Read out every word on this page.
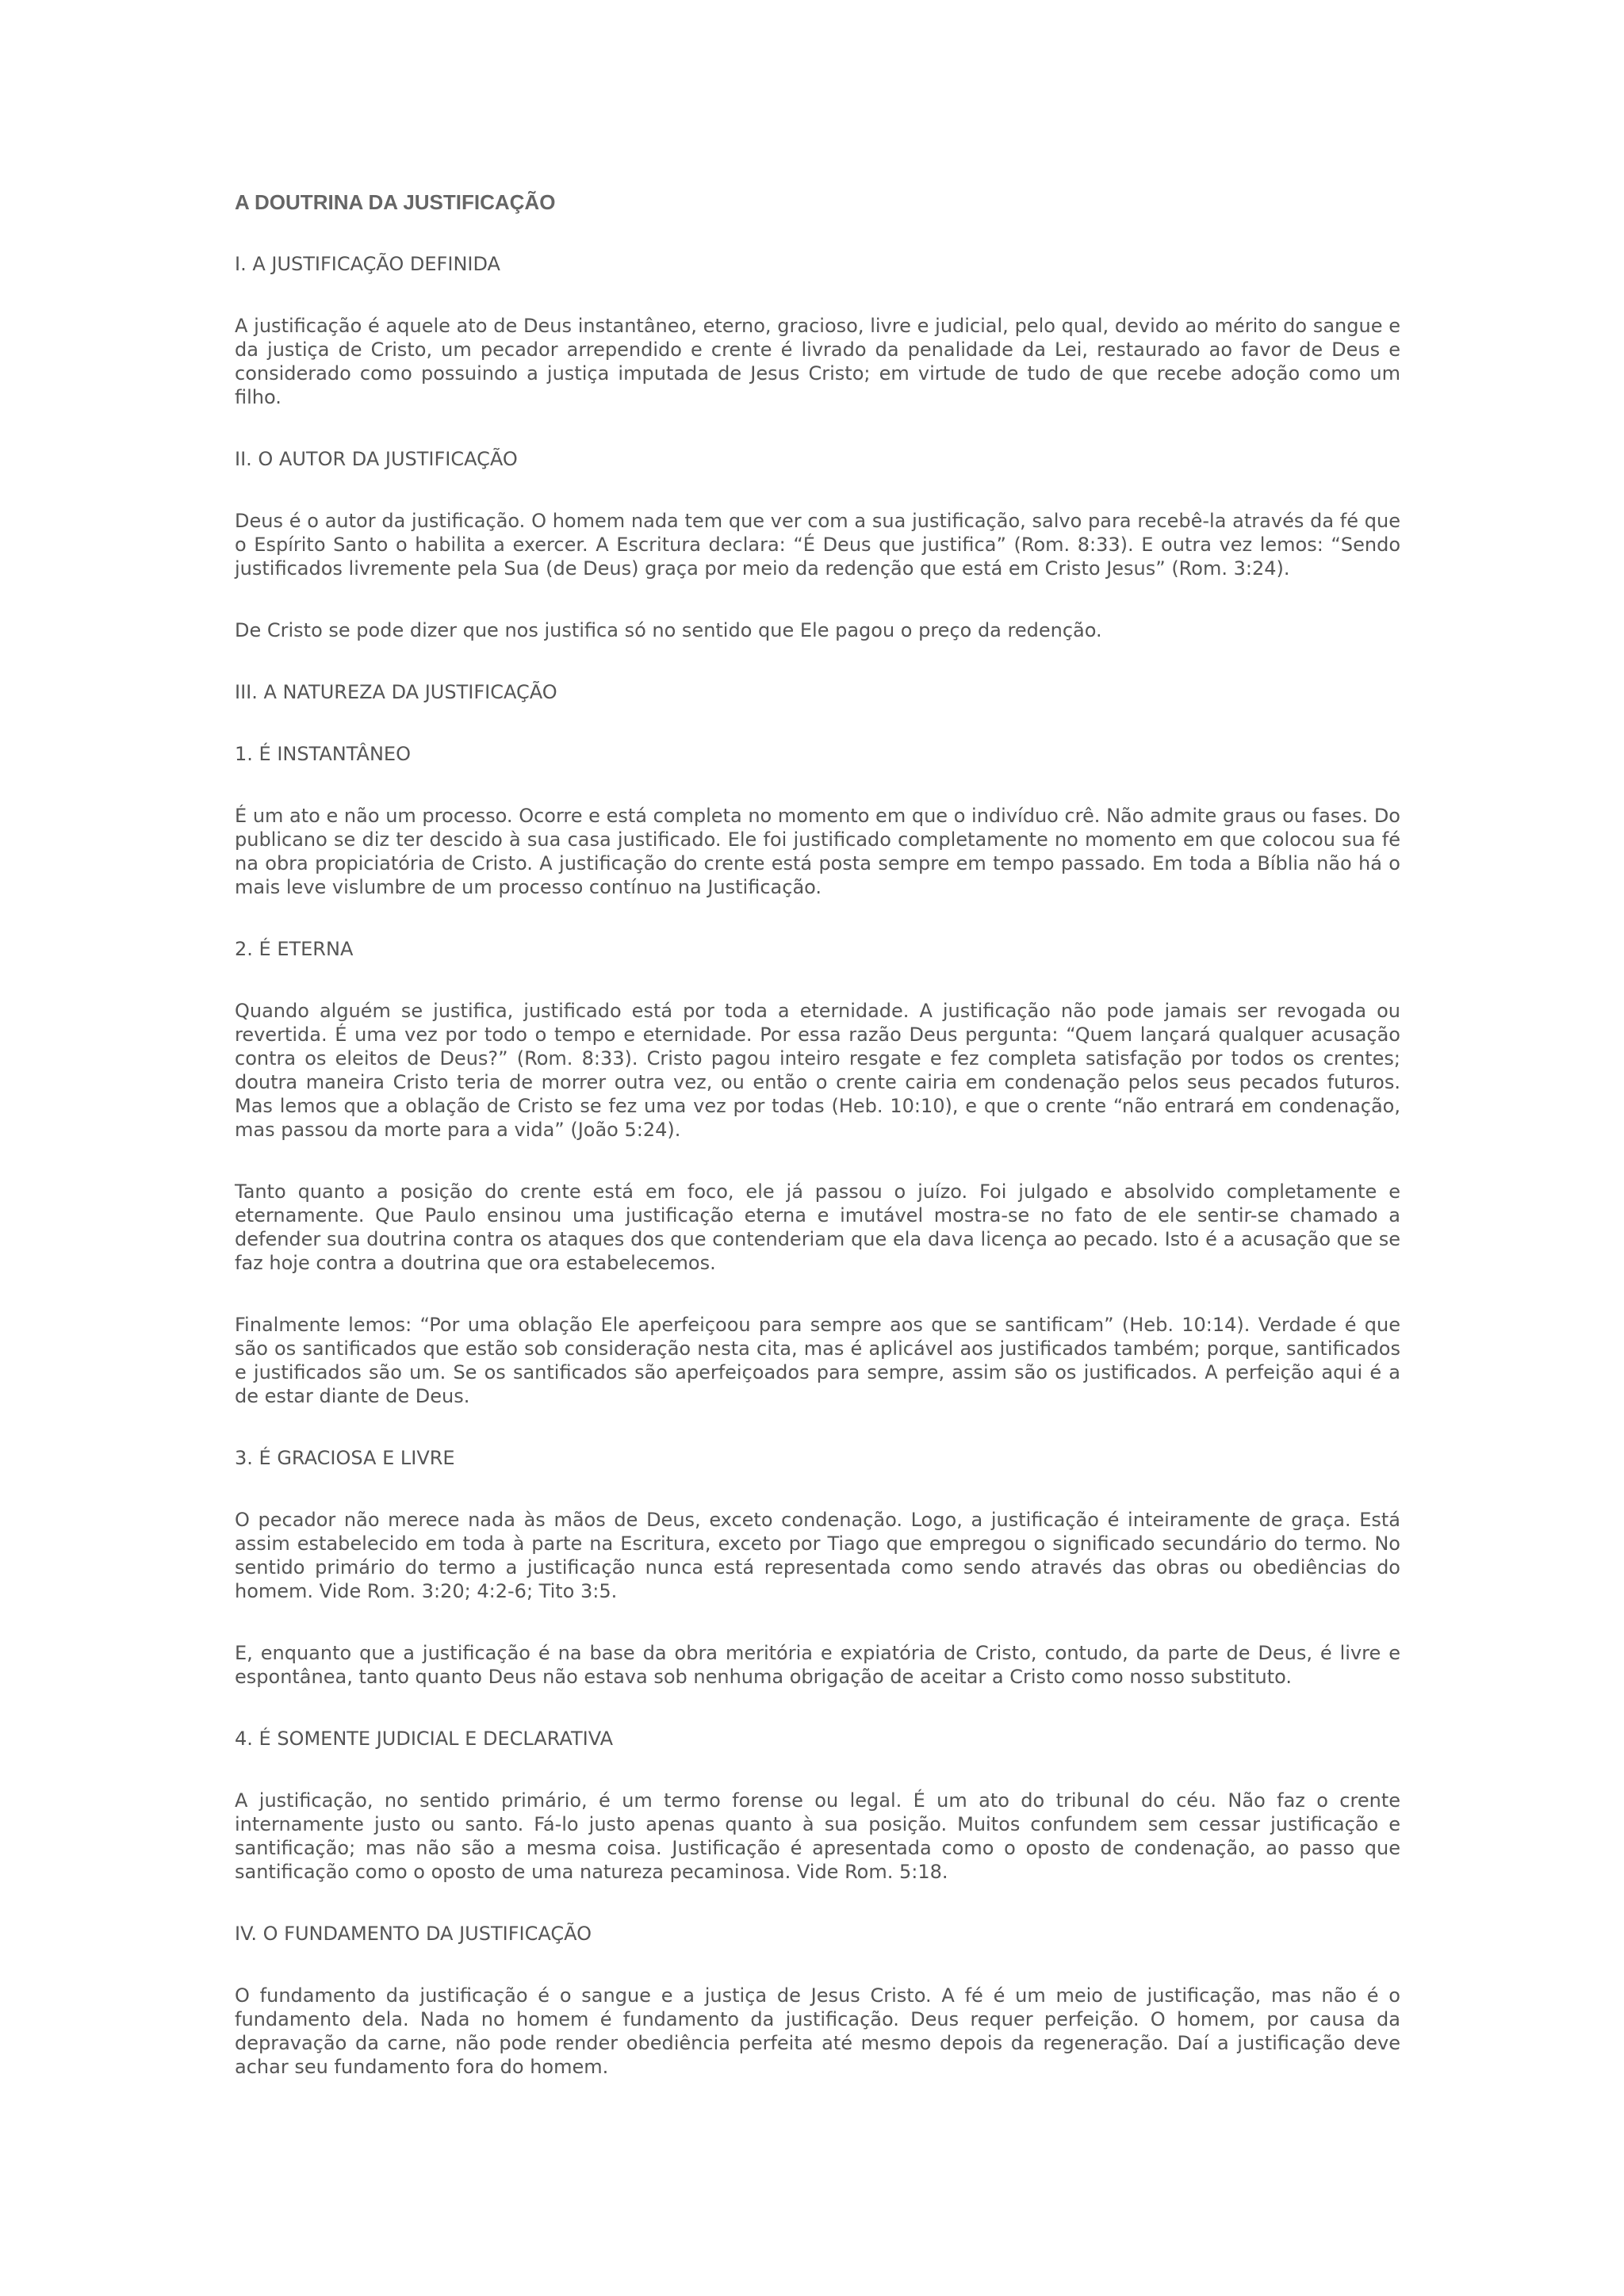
A DOUTRINA DA JUSTIFICAÇÃO
I. A JUSTIFICAÇÃO DEFINIDA
A justificação é aquele ato de Deus instantâneo, eterno, gracioso, livre e judicial, pelo qual, devido ao mérito do sangue e da justiça de Cristo, um pecador arrependido e crente é livrado da penalidade da Lei, restaurado ao favor de Deus e considerado como possuindo a justiça imputada de Jesus Cristo; em virtude de tudo de que recebe adoção como um filho.
II. O AUTOR DA JUSTIFICAÇÃO
Deus é o autor da justificação. O homem nada tem que ver com a sua justificação, salvo para recebê-la através da fé que o Espírito Santo o habilita a exercer. A Escritura declara: “É Deus que justifica” (Rom. 8:33). E outra vez lemos: “Sendo justificados livremente pela Sua (de Deus) graça por meio da redenção que está em Cristo Jesus” (Rom. 3:24).
De Cristo se pode dizer que nos justifica só no sentido que Ele pagou o preço da redenção.
III. A NATUREZA DA JUSTIFICAÇÃO
1. É INSTANTÂNEO
É um ato e não um processo. Ocorre e está completa no momento em que o indivíduo crê. Não admite graus ou fases. Do publicano se diz ter descido à sua casa justificado. Ele foi justificado completamente no momento em que colocou sua fé na obra propiciatória de Cristo. A justificação do crente está posta sempre em tempo passado. Em toda a Bíblia não há o mais leve vislumbre de um processo contínuo na Justificação.
2. É ETERNA
Quando alguém se justifica, justificado está por toda a eternidade. A justificação não pode jamais ser revogada ou revertida. É uma vez por todo o tempo e eternidade. Por essa razão Deus pergunta: “Quem lançará qualquer acusação contra os eleitos de Deus?” (Rom. 8:33). Cristo pagou inteiro resgate e fez completa satisfação por todos os crentes; doutra maneira Cristo teria de morrer outra vez, ou então o crente cairia em condenação pelos seus pecados futuros. Mas lemos que a oblação de Cristo se fez uma vez por todas (Heb. 10:10), e que o crente “não entrará em condenação, mas passou da morte para a vida” (João 5:24).
Tanto quanto a posição do crente está em foco, ele já passou o juízo. Foi julgado e absolvido completamente e eternamente. Que Paulo ensinou uma justificação eterna e imutável mostra-se no fato de ele sentir-se chamado a defender sua doutrina contra os ataques dos que contenderiam que ela dava licença ao pecado. Isto é a acusação que se faz hoje contra a doutrina que ora estabelecemos.
Finalmente lemos: “Por uma oblação Ele aperfeiçoou para sempre aos que se santificam” (Heb. 10:14). Verdade é que são os santificados que estão sob consideração nesta cita, mas é aplicável aos justificados também; porque, santificados e justificados são um. Se os santificados são aperfeiçoados para sempre, assim são os justificados. A perfeição aqui é a de estar diante de Deus.
3. É GRACIOSA E LIVRE
O pecador não merece nada às mãos de Deus, exceto condenação. Logo, a justificação é inteiramente de graça. Está assim estabelecido em toda à parte na Escritura, exceto por Tiago que empregou o significado secundário do termo. No sentido primário do termo a justificação nunca está representada como sendo através das obras ou obediências do homem. Vide Rom. 3:20; 4:2-6; Tito 3:5.
E, enquanto que a justificação é na base da obra meritória e expiatória de Cristo, contudo, da parte de Deus, é livre e espontânea, tanto quanto Deus não estava sob nenhuma obrigação de aceitar a Cristo como nosso substituto.
4. É SOMENTE JUDICIAL E DECLARATIVA
A justificação, no sentido primário, é um termo forense ou legal. É um ato do tribunal do céu. Não faz o crente internamente justo ou santo. Fá-lo justo apenas quanto à sua posição. Muitos confundem sem cessar justificação e santificação; mas não são a mesma coisa. Justificação é apresentada como o oposto de condenação, ao passo que santificação como o oposto de uma natureza pecaminosa. Vide Rom. 5:18.
IV. O FUNDAMENTO DA JUSTIFICAÇÃO
O fundamento da justificação é o sangue e a justiça de Jesus Cristo. A fé é um meio de justificação, mas não é o fundamento dela. Nada no homem é fundamento da justificação. Deus requer perfeição. O homem, por causa da depravação da carne, não pode render obediência perfeita até mesmo depois da regeneração. Daí a justificação deve achar seu fundamento fora do homem.
